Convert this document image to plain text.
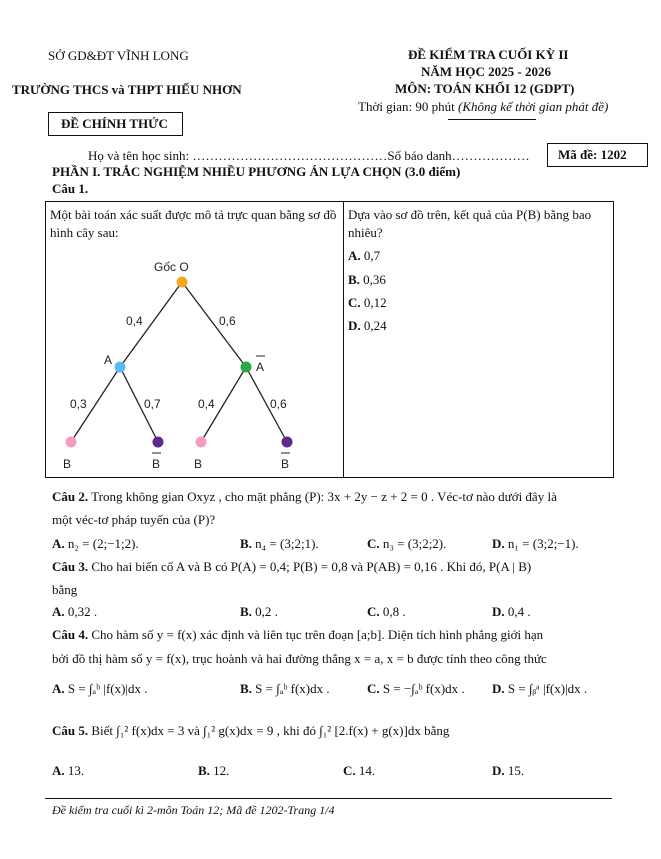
SỞ GD&ĐT VĨNH LONG
TRƯỜNG THCS và THPT HIẾU NHƠN
ĐỀ KIỂM TRA CUỐI KỲ II
NĂM HỌC 2025 - 2026
MÔN: TOÁN KHỐI 12 (GDPT)
Thời gian: 90 phút (Không kể thời gian phát đề)
ĐỀ CHÍNH THỨC
Họ và tên học sinh: ………………………………………Số báo danh……………… Mã đề: 1202
PHẦN I. TRẮC NGHIỆM NHIỀU PHƯƠNG ÁN LỰA CHỌN (3.0 điểm)
Câu 1.
Một bài toán xác suất được mô tả trực quan bằng sơ đồ hình cây sau:
Dựa vào sơ đồ trên, kết quả của P(B) bằng bao nhiêu?
A. 0,7
B. 0,36
C. 0,12
D. 0,24
Gốc O
A	A
0,4	0,6
0,3	0,7	0,4	0,6
B	B	B	B
Câu 2. Trong không gian Oxyz , cho mặt phẳng (P): 3x + 2y − z + 2 = 0 . Véc-tơ nào dưới đây là
một véc-tơ pháp tuyến của (P)?
A. n₂ = (2;−1;2).	B. n₄ = (3;2;1).	C. n₃ = (3;2;2).	D. n₁ = (3;2;−1).
Câu 3. Cho hai biến cố A và B có P(A) = 0,4; P(B) = 0,8 và P(AB) = 0,16 . Khi đó, P(A | B)
bằng
A. 0,32 .	B. 0,2 .	C. 0,8 .	D. 0,4 .
Câu 4. Cho hàm số y = f(x) xác định và liên tục trên đoạn [a;b]. Diện tích hình phẳng giới hạn
bởi đồ thị hàm số y = f(x), trục hoành và hai đường thẳng x = a, x = b được tính theo công thức
A. S = ∫ₐᵇ |f(x)|dx .	B. S = ∫ₐᵇ f(x)dx .	C. S = −∫ₐᵇ f(x)dx . D. S = ∫ᵦᵃ |f(x)|dx .
Câu 5. Biết ∫₁² f(x)dx = 3 và ∫₁² g(x)dx = 9 , khi đó ∫₁² [2.f(x) + g(x)]dx bằng
A. 13.	B. 12.	C. 14.	D. 15.
Đề kiểm tra cuối kì 2-môn Toán 12; Mã đề 1202-Trang 1/4
